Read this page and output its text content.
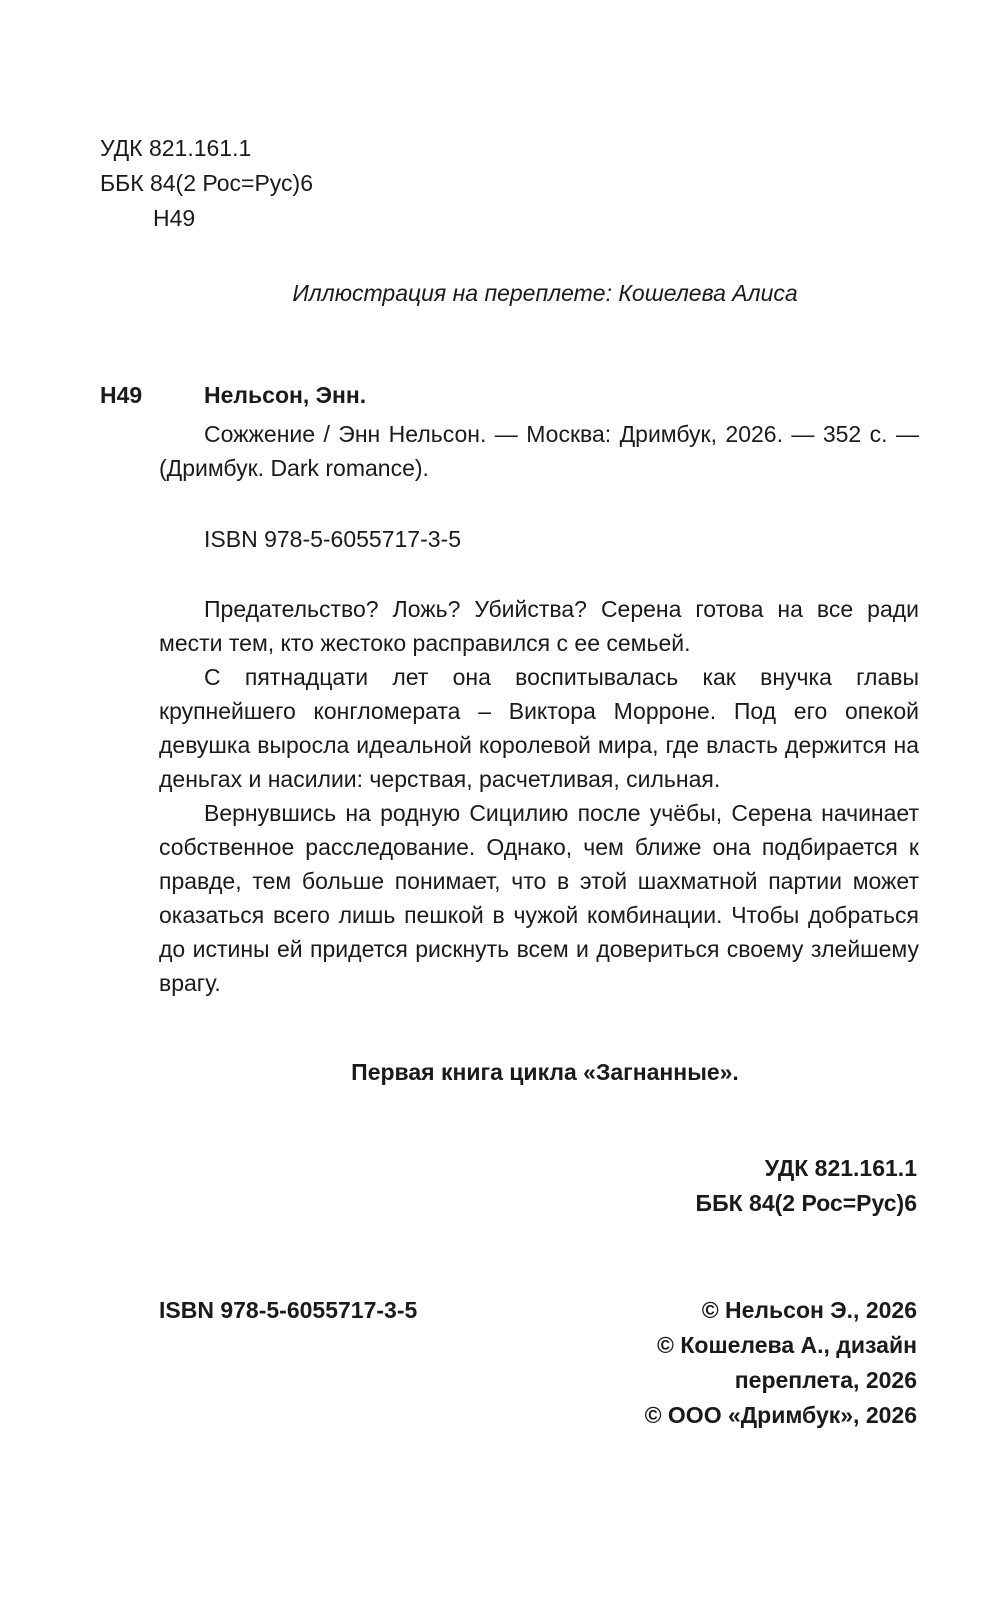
УДК 821.161.1
ББК 84(2 Рос=Рус)6
Н49
Иллюстрация на переплете: Кошелева Алиса
Н49	Нельсон, Энн.

Сожжение / Энн Нельсон. — Москва: Дримбук, 2026. — 352 с. — (Дримбук. Dark romance).

ISBN 978-5-6055717-3-5

Предательство? Ложь? Убийства? Серена готова на все ради мести тем, кто жестоко расправился с ее семьей.

С пятнадцати лет она воспитывалась как внучка главы крупнейшего конгломерата – Виктора Морроне. Под его опекой девушка выросла идеальной королевой мира, где власть держится на деньгах и насилии: черствая, расчетливая, сильная.

Вернувшись на родную Сицилию после учёбы, Серена начинает собственное расследование. Однако, чем ближе она подбирается к правде, тем больше понимает, что в этой шахматной партии может оказаться всего лишь пешкой в чужой комбинации. Чтобы добраться до истины ей придется рискнуть всем и довериться своему злейшему врагу.

Первая книга цикла «Загнанные».
УДК 821.161.1
ББК 84(2 Рос=Рус)6
ISBN 978-5-6055717-3-5	© Нельсон Э., 2026
© Кошелева А., дизайн
переплета, 2026
© ООО «Дримбук», 2026
